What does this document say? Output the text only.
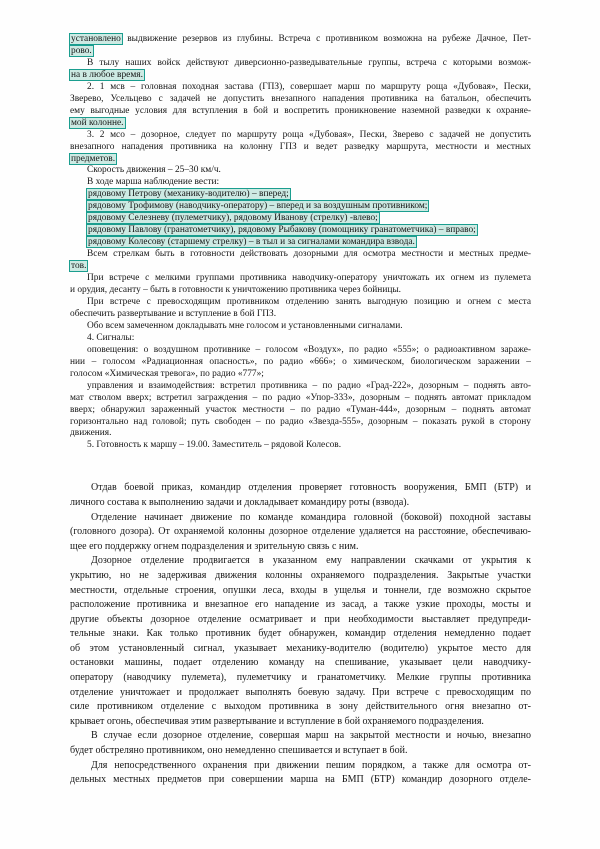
установлено выдвижение резервов из глубины. Встреча с противником возможна на рубеже Дачное, Пет-
рово.
В тылу наших войск действуют диверсионно-разведывательные группы, встреча с которыми возмож-
на в любое время.
2. 1 мсв – головная походная застава (ГПЗ), совершает марш по маршруту роща «Дубовая», Пески,
Зверево, Усельцево с задачей не допустить внезапного нападения противника на батальон, обеспечить
ему выгодные условия для вступления в бой и воспретить проникновение наземной разведки к охраняе-
мой колонне.
3. 2 мсо – дозорное, следует по маршруту роща «Дубовая», Пески, Зверево с задачей не допустить
внезапного нападения противника на колонну ГПЗ и ведет разведку маршрута, местности и местных
предметов.
Скорость движения – 25–30 км/ч.
В ходе марша наблюдение вести:
рядовому Петрову (механику-водителю) – вперед;
рядовому Трофимову (наводчику-оператору) – вперед и за воздушным противником;
рядовому Селезневу (пулеметчику), рядовому Иванову (стрелку) -влево;
рядовому Павлову (гранатометчику), рядовому Рыбакову (помощнику гранатометчика) – вправо;
рядовому Колесову (старшему стрелку) – в тыл и за сигналами командира взвода.
Всем стрелкам быть в готовности действовать дозорными для осмотра местности и местных предме-
тов.
При встрече с мелкими группами противника наводчику-оператору уничтожать их огнем из пулемета
и орудия, десанту – быть в готовности к уничтожению противника через бойницы.
При встрече с превосходящим противником отделению занять выгодную позицию и огнем с места
обеспечить развертывание и вступление в бой ГПЗ.
Обо всем замеченном докладывать мне голосом и установленными сигналами.
4. Сигналы:
оповещения: о воздушном противнике – голосом «Воздух», по радио «555»; о радиоактивном зараже-
нии – голосом «Радиационная опасность», по радио «666»; о химическом, биологическом заражении –
голосом «Химическая тревога», по радио «777»;
управления и взаимодействия: встретил противника – по радио «Град-222», дозорным – поднять авто-
мат стволом вверх; встретил заграждения – по радио «Упор-333», дозорным – поднять автомат прикладом
вверх; обнаружил зараженный участок местности – по радио «Туман-444», дозорным – поднять автомат
горизонтально над головой; путь свободен – по радио «Звезда-555», дозорным – показать рукой в сторону
движения.
5. Готовность к маршу – 19.00. Заместитель – рядовой Колесов.
Отдав боевой приказ, командир отделения проверяет готовность вооружения, БМП (БТР) и
личного состава к выполнению задачи и докладывает командиру роты (взвода).
Отделение начинает движение по команде командира головной (боковой) походной заставы
(головного дозора). От охраняемой колонны дозорное отделение удаляется на расстояние, обеспечиваю-
щее его поддержку огнем подразделения и зрительную связь с ним.
Дозорное отделение продвигается в указанном ему направлении скачками от укрытия к
укрытию, но не задерживая движения колонны охраняемого подразделения. Закрытые участки
местности, отдельные строения, опушки леса, входы в ущелья и тоннели, где возможно скрытое
расположение противника и внезапное его нападение из засад, а также узкие проходы, мосты и
другие объекты дозорное отделение осматривает и при необходимости выставляет предупреди-
тельные знаки. Как только противник будет обнаружен, командир отделения немедленно подает
об этом установленный сигнал, указывает механику-водителю (водителю) укрытое место для
остановки машины, подает отделению команду на спешивание, указывает цели наводчику-
оператору (наводчику пулемета), пулеметчику и гранатометчику. Мелкие группы противника
отделение уничтожает и продолжает выполнять боевую задачу. При встрече с превосходящим по
силе противником отделение с выходом противника в зону действительного огня внезапно от-
крывает огонь, обеспечивая этим развертывание и вступление в бой охраняемого подразделения.
В случае если дозорное отделение, совершая марш на закрытой местности и ночью, внезапно
будет обстреляно противником, оно немедленно спешивается и вступает в бой.
Для непосредственного охранения при движении пешим порядком, а также для осмотра от-
дельных местных предметов при совершении марша на БМП (БТР) командир дозорного отделе-
